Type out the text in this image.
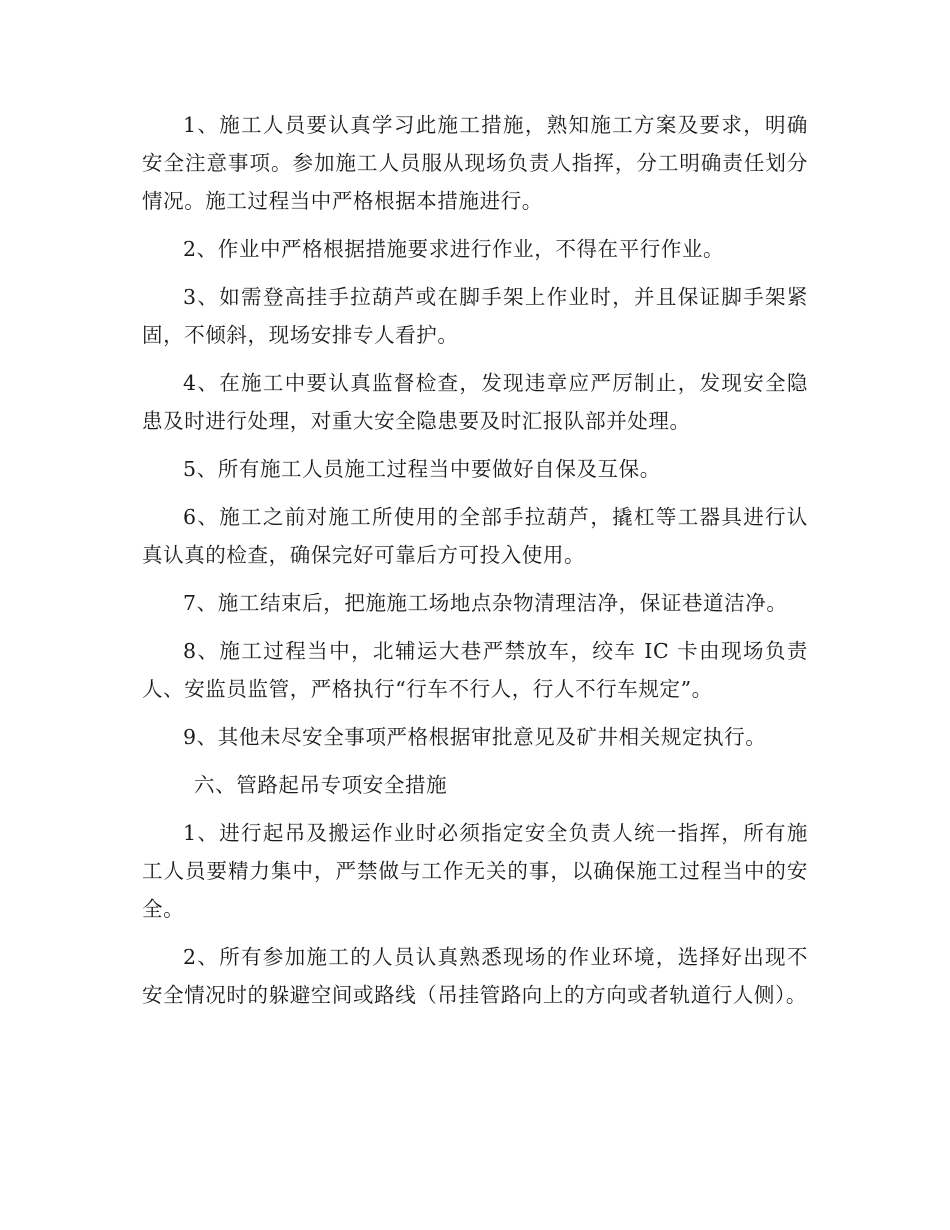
1、施工人员要认真学习此施工措施，熟知施工方案及要求，明确安全注意事项。参加施工人员服从现场负责人指挥，分工明确责任划分情况。施工过程当中严格根据本措施进行。

2、作业中严格根据措施要求进行作业，不得在平行作业。

3、如需登高挂手拉葫芦或在脚手架上作业时，并且保证脚手架紧固，不倾斜，现场安排专人看护。

4、在施工中要认真监督检查，发现违章应严厉制止，发现安全隐患及时进行处理，对重大安全隐患要及时汇报队部并处理。

5、所有施工人员施工过程当中要做好自保及互保。

6、施工之前对施工所使用的全部手拉葫芦，撬杠等工器具进行认真认真的检查，确保完好可靠后方可投入使用。

7、施工结束后，把施施工场地点杂物清理洁净，保证巷道洁净。

8、施工过程当中，北辅运大巷严禁放车，绞车 IC 卡由现场负责人、安监员监管，严格执行“行车不行人，行人不行车规定”。

9、其他未尽安全事项严格根据审批意见及矿井相关规定执行。

六、管路起吊专项安全措施

1、进行起吊及搬运作业时必须指定安全负责人统一指挥，所有施工人员要精力集中，严禁做与工作无关的事，以确保施工过程当中的安全。

2、所有参加施工的人员认真熟悉现场的作业环境，选择好出现不安全情况时的躲避空间或路线（吊挂管路向上的方向或者轨道行人侧）。
